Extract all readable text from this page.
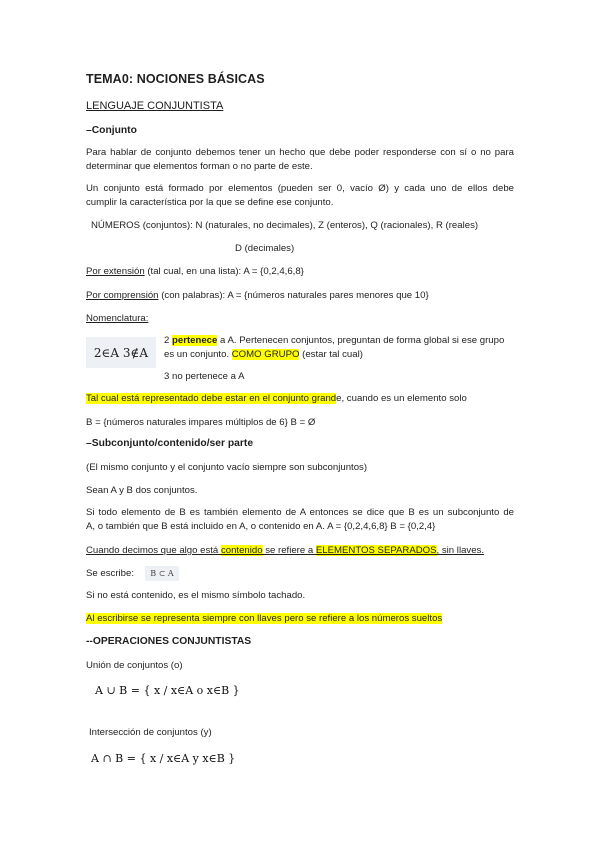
TEMA0: NOCIONES BÁSICAS
LENGUAJE CONJUNTISTA
–Conjunto
Para hablar de conjunto debemos tener un hecho que debe poder responderse con sí o no para
determinar que elementos forman o no parte de este.
Un conjunto está formado por elementos (pueden ser 0, vacío Ø) y cada uno de ellos debe
cumplir la característica por la que se define ese conjunto.
NÚMEROS (conjuntos): N (naturales, no decimales), Z (enteros), Q (racionales), R (reales)
D (decimales)
Por extensión (tal cual, en una lista): A = {0,2,4,6,8}
Por comprensión (con palabras): A = {números naturales pares menores que 10}
Nomenclatura:
2∈A 3∉A
2 pertenece a A. Pertenecen conjuntos, preguntan de forma global si ese grupo
es un conjunto. COMO GRUPO (estar tal cual)
3 no pertenece a A
Tal cual está representado debe estar en el conjunto grande, cuando es un elemento solo
B = {números naturales impares múltiplos de 6} B = Ø
–Subconjunto/contenido/ser parte
(El mismo conjunto y el conjunto vacío siempre son subconjuntos)
Sean A y B dos conjuntos.
Si todo elemento de B es también elemento de A entonces se dice que B es un subconjunto de
A, o también que B está incluido en A, o contenido en A. A = {0,2,4,6,8} B = {0,2,4}
Cuando decimos que algo está contenido se refiere a ELEMENTOS SEPARADOS, sin llaves.
Se escribe:	B ⊂ A
Si no está contenido, es el mismo símbolo tachado.
Al escribirse se representa siempre con llaves pero se refiere a los números sueltos
--OPERACIONES CONJUNTISTAS
Unión de conjuntos (o)
A ∪ B = { x / x∈A o x∈B }
Intersección de conjuntos (y)
A ∩ B = { x / x∈A y x∈B }
